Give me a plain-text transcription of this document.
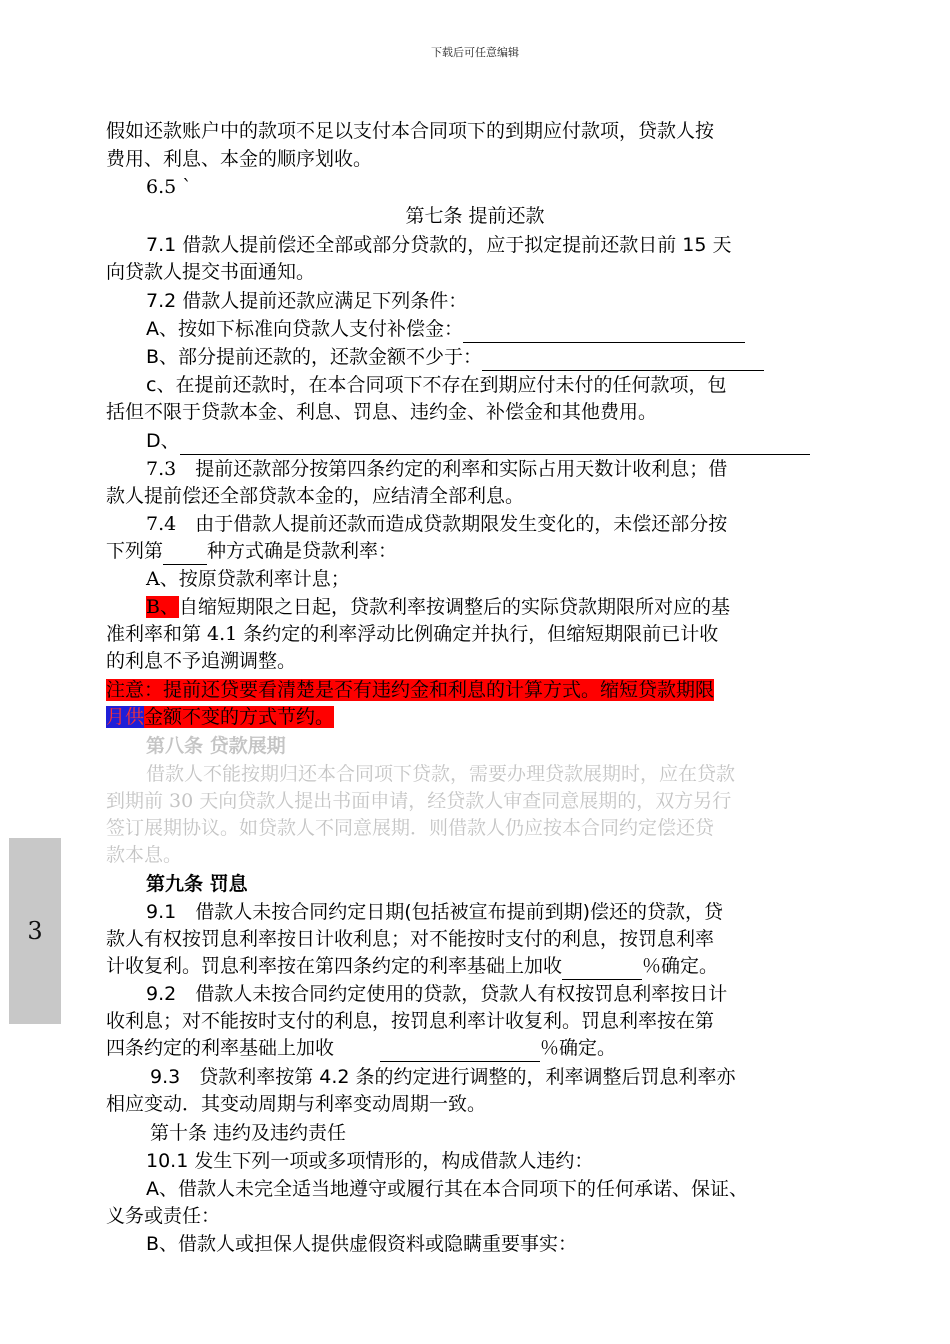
下载后可任意编辑
假如还款账户中的款项不足以支付本合同项下的到期应付款项，贷款人按
费用、利息、本金的顺序划收。
6.5 `
第七条 提前还款
7.1 借款人提前偿还全部或部分贷款的，应于拟定提前还款日前 15 天
向贷款人提交书面通知。
7.2 借款人提前还款应满足下列条件：
A、按如下标准向贷款人支付补偿金：
B、部分提前还款的，还款金额不少于：
c、在提前还款时，在本合同项下不存在到期应付未付的任何款项，包
括但不限于贷款本金、利息、罚息、违约金、补偿金和其他费用。
D、
7.3　提前还款部分按第四条约定的利率和实际占用天数计收利息；借
款人提前偿还全部贷款本金的，应结清全部利息。
7.4　由于借款人提前还款而造成贷款期限发生变化的，未偿还部分按
下列第 种方式确是贷款利率：
A、按原贷款利率计息；
B、自缩短期限之日起，贷款利率按调整后的实际贷款期限所对应的基
准利率和第 4.1 条约定的利率浮动比例确定并执行，但缩短期限前已计收
的利息不予追溯调整。
注意：提前还贷要看清楚是否有违约金和利息的计算方式。缩短贷款期限
月供金额不变的方式节约。
第八条 贷款展期
借款人不能按期归还本合同项下贷款，需要办理贷款展期时，应在贷款
到期前 30 天向贷款人提出书面申请，经贷款人审查同意展期的，双方另行
签订展期协议。如贷款人不同意展期．则借款人仍应按本合同约定偿还贷
款本息。
第九条 罚息
9.1　借款人未按合同约定日期(包括被宣布提前到期)偿还的贷款，贷
款人有权按罚息利率按日计收利息；对不能按时支付的利息，按罚息利率
计收复利。罚息利率按在第四条约定的利率基础上加收	％确定。
9.2　借款人未按合同约定使用的贷款，贷款人有权按罚息利率按日计
收利息；对不能按时支付的利息，按罚息利率计收复利。罚息利率按在第
四条约定的利率基础上加收	％确定。
9.3　贷款利率按第 4.2 条的约定进行调整的，利率调整后罚息利率亦
相应变动．其变动周期与利率变动周期一致。
第十条 违约及违约责任
10.1 发生下列一项或多项情形的，构成借款人违约：
A、借款人未完全适当地遵守或履行其在本合同项下的任何承诺、保证、
义务或责任：
B、借款人或担保人提供虚假资料或隐瞒重要事实：
3
